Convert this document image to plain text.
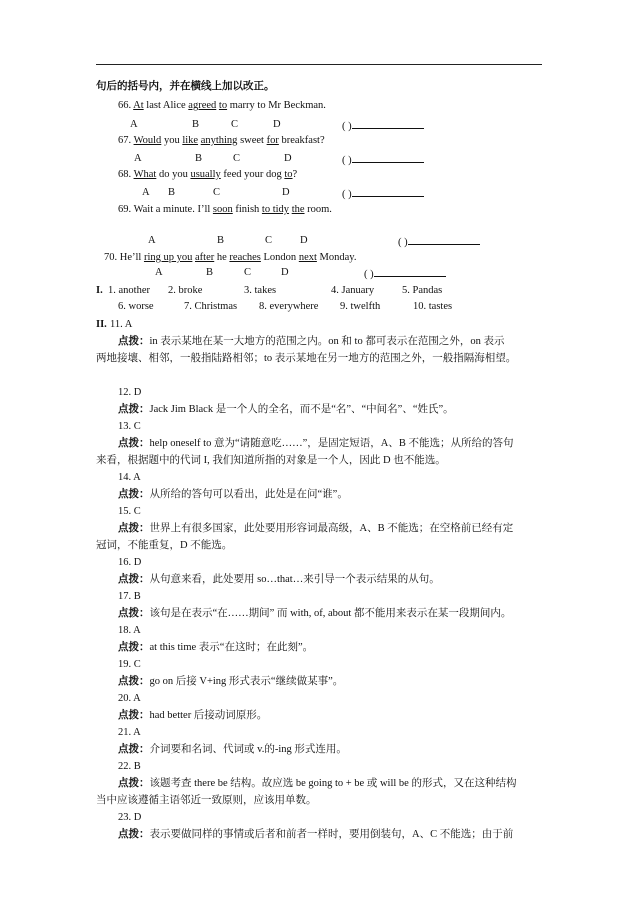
句后的括号内，并在横线上加以改正。
66. At last Alice agreed to marry to Mr Beckman.
A	B	C	D	( )
67. Would you like anything sweet for breakfast?
A	B	C	D	( )
68. What do you usually feed your dog to?
A B	C	D	( )
69. Wait a minute. I’ll soon finish to tidy the room.
A	B	C	D	( )
70. He’ll ring up you after he reaches London next Monday.
A	B	C	D	( )
I. 1. another 2. broke	3. takes	4. January	5. Pandas
6. worse	7. Christmas 8. everywhere 9. twelfth	10. tastes
II. 11. A
点拨：in 表示某地在某一大地方的范围之内。on 和 to 都可表示在范围之外，on 表示
两地接壤、相邻，一般指陆路相邻；to 表示某地在另一地方的范围之外，一般指隔海相望。
12. D
点拨：Jack Jim Black 是一个人的全名，而不是“名”、“中间名”、“姓氏”。
13. C
点拨：help oneself to 意为“请随意吃……”，是固定短语，A、B 不能选；从所给的答句
来看，根据题中的代词 I, 我们知道所指的对象是一个人，因此 D 也不能选。
14. A
点拨：从所给的答句可以看出，此处是在问“谁”。
15. C
点拨：世界上有很多国家，此处要用形容词最高级，A、B 不能选；在空格前已经有定
冠词，不能重复，D 不能选。
16. D
点拨：从句意来看，此处要用 so…that…来引导一个表示结果的从句。
17. B
点拨：该句是在表示“在……期间” 而 with, of, about 都不能用来表示在某一段期间内。
18. A
点拨：at this time 表示“在这时；在此刻”。
19. C
点拨：go on 后接 V+ing 形式表示“继续做某事”。
20. A
点拨：had better 后接动词原形。
21. A
点拨：介词要和名词、代词或 v.的-ing 形式连用。
22. B
点拨：该题考查 there be 结构。故应选 be going to + be 或 will be 的形式，又在这种结构
当中应该遵循主语邻近一致原则，应该用单数。
23. D
点拨：表示要做同样的事情或后者和前者一样时，要用倒装句，A、C 不能选；由于前
